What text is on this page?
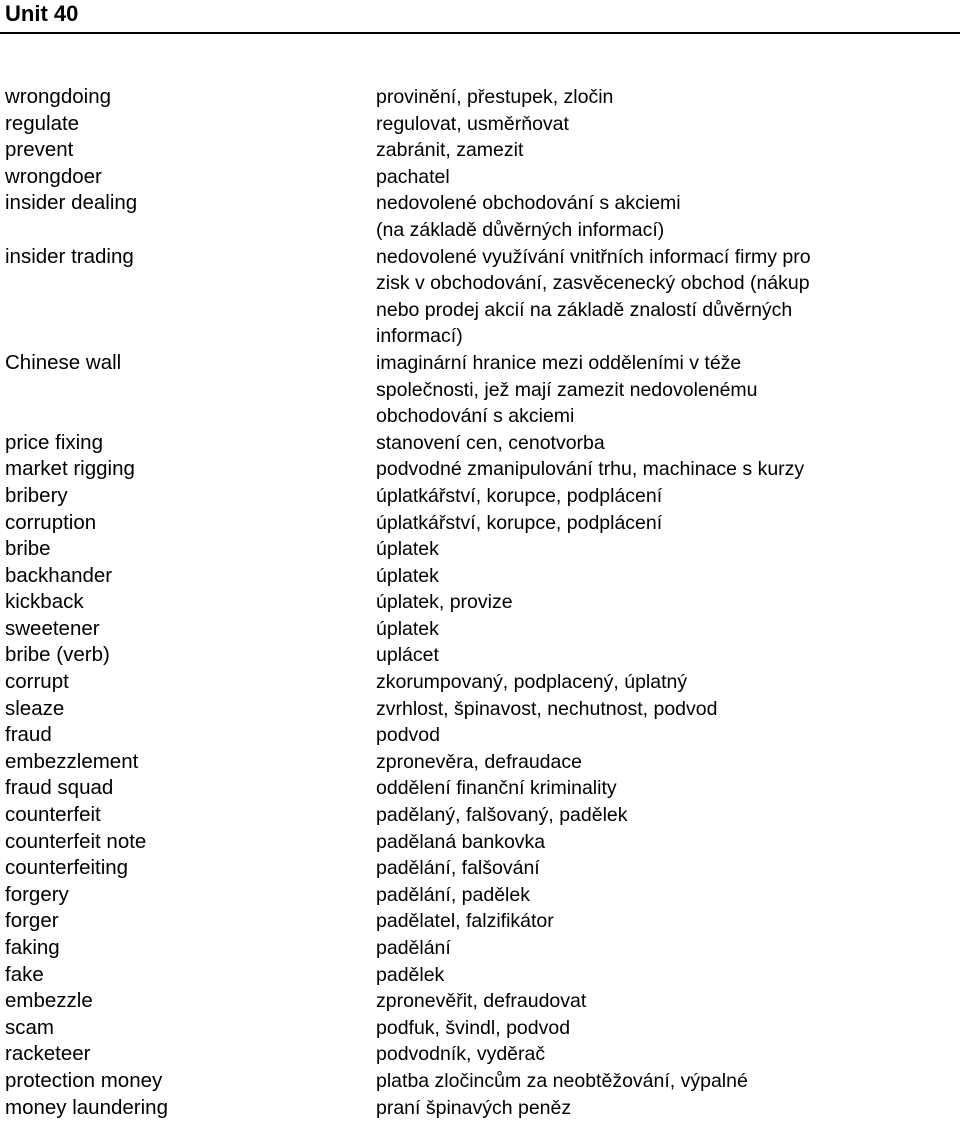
Unit 40
wrongdoing	provinění, přestupek, zločin
regulate	regulovat, usměrňovat
prevent	zabránit, zamezit
wrongdoer	pachatel
insider dealing	nedovolené obchodování s akciemi
(na základě důvěrných informací)
insider trading	nedovolené využívání vnitřních informací firmy pro
zisk v obchodování, zasvěcenecký obchod (nákup
nebo prodej akcií na základě znalostí důvěrných
informací)
Chinese wall	imaginární hranice mezi odděleními v téže
společnosti, jež mají zamezit nedovolenému
obchodování s akciemi
price fixing	stanovení cen, cenotvorba
market rigging	podvodné zmanipulování trhu, machinace s kurzy
bribery	úplatkářství, korupce, podplácení
corruption	úplatkářství, korupce, podplácení
bribe	úplatek
backhander	úplatek
kickback	úplatek, provize
sweetener	úplatek
bribe (verb)	uplácet
corrupt	zkorumpovaný, podplacený, úplatný
sleaze	zvrhlost, špinavost, nechutnost, podvod
fraud	podvod
embezzlement	zpronevěra, defraudace
fraud squad	oddělení finanční kriminality
counterfeit	padělaný, falšovaný, padělek
counterfeit note	padělaná bankovka
counterfeiting	padělání, falšování
forgery	padělání, padělek
forger	padělatel, falzifikátor
faking	padělání
fake	padělek
embezzle	zpronevěřit, defraudovat
scam	podfuk, švindl, podvod
racketeer	podvodník, vyděrač
protection money	platba zločincům za neobtěžování, výpalné
money laundering	praní špinavých peněz
